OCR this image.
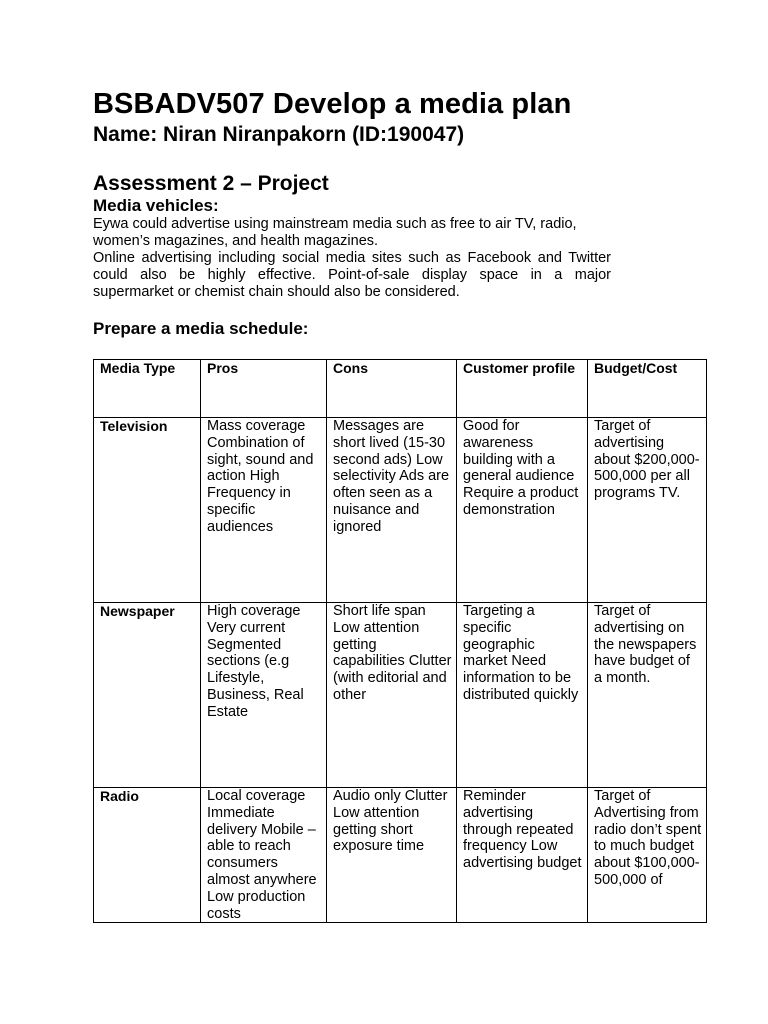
BSBADV507 Develop a media plan
Name: Niran Niranpakorn (ID:190047)
Assessment 2 – Project
Media vehicles:
Eywa could advertise using mainstream media such as free to air TV, radio, women’s magazines, and health magazines.
Online advertising including social media sites such as Facebook and Twitter could also be highly effective. Point-of-sale display space in a major supermarket or chemist chain should also be considered.
Prepare a media schedule:
Media Type	Pros	Cons	Customer profile	Budget/Cost
Television	Mass coverage Combination of sight, sound and action High Frequency in specific audiences	Messages are short lived (15-30 second ads) Low selectivity Ads are often seen as a nuisance and ignored	Good for awareness building with a general audience Require a product demonstration	Target of advertising about $200,000-500,000 per all programs TV.
Newspaper	High coverage Very current Segmented sections (e.g Lifestyle, Business, Real Estate	Short life span Low attention getting capabilities Clutter (with editorial and other	Targeting a specific geographic market Need information to be distributed quickly	Target of advertising on the newspapers have budget of a month.
Radio	Local coverage Immediate delivery Mobile – able to reach consumers almost anywhere Low production costs	Audio only Clutter Low attention getting short exposure time	Reminder advertising through repeated frequency Low advertising budget	Target of Advertising from radio don’t spent to much budget about $100,000-500,000 of
